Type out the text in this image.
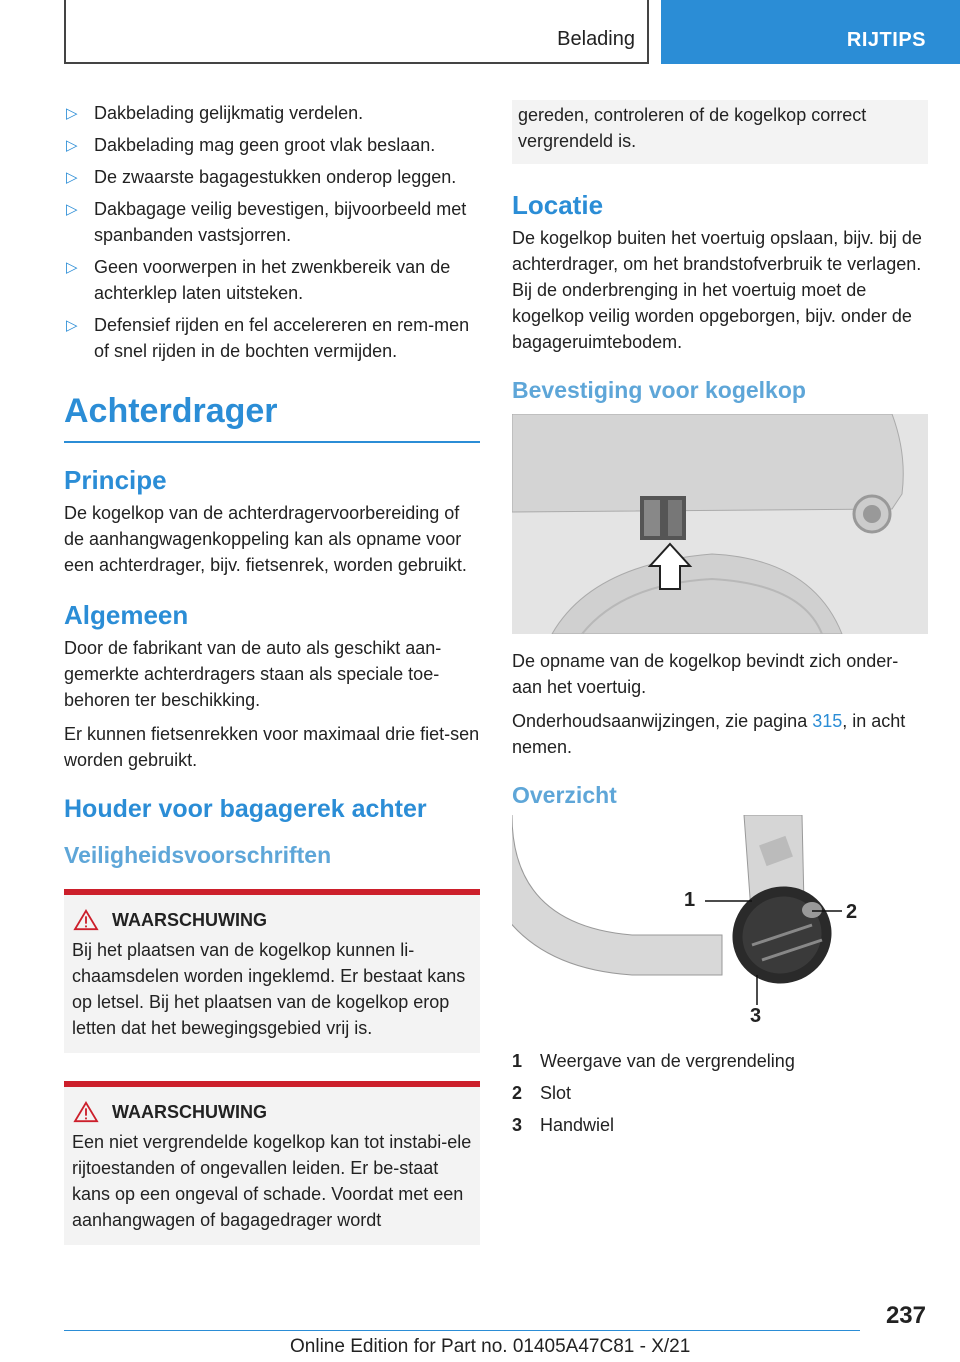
Belading	RIJTIPS
▷ Dakbelading gelijkmatig verdelen.
▷ Dakbelading mag geen groot vlak beslaan.
▷ De zwaarste bagagestukken onderop leggen.
▷ Dakbagage veilig bevestigen, bijvoorbeeld met spanbanden vastsjorren.
▷ Geen voorwerpen in het zwenkbereik van de achterklep laten uitsteken.
▷ Defensief rijden en fel accelereren en rem-men of snel rijden in de bochten vermijden.
Achterdrager
Principe

De kogelkop van de achterdragervoorbereiding of de aanhangwagenkoppeling kan als opname voor een achterdrager, bijv. fietsenrek, worden gebruikt.

Algemeen

Door de fabrikant van de auto als geschikt aan-gemerkte achterdragers staan als speciale toe-behoren ter beschikking.

Er kunnen fietsenrekken voor maximaal drie fiet-sen worden gebruikt.

Houder voor bagagerek achter
Veiligheidsvoorschriften
WAARSCHUWING

Bij het plaatsen van de kogelkop kunnen li-chaamsdelen worden ingeklemd. Er bestaat kans op letsel. Bij het plaatsen van de kogelkop erop letten dat het bewegingsgebied vrij is.

WAARSCHUWING

Een niet vergrendelde kogelkop kan tot instabi-ele rijtoestanden of ongevallen leiden. Er be-staat kans op een ongeval of schade. Voordat met een aanhangwagen of bagagedrager wordt

gereden, controleren of de kogelkop correct vergrendeld is.

Locatie

De kogelkop buiten het voertuig opslaan, bijv. bij de achterdrager, om het brandstofverbruik te verlagen. Bij de onderbrenging in het voertuig moet de kogelkop veilig worden opgeborgen, bijv. onder de bagageruimtebodem.

Bevestiging voor kogelkop

De opname van de kogelkop bevindt zich onder-aan het voertuig.

Onderhoudsaanwijzingen, zie pagina 315, in acht nemen.

Overzicht
1
2
3
1 Weergave van de vergrendeling
2 Slot
3 Handwiel
237
Online Edition for Part no. 01405A47C81 - X/21
